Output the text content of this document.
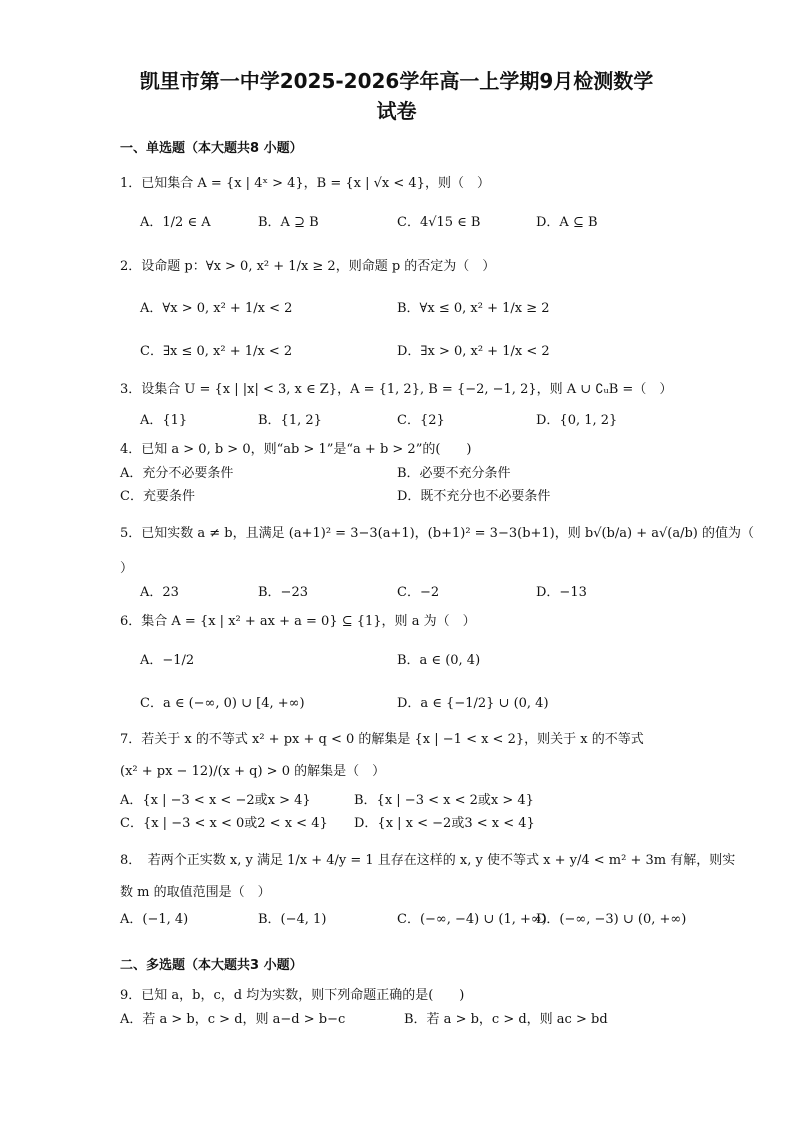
凯里市第一中学2025-2026学年高一上学期9月检测数学
试卷
一、单选题（本大题共8 小题）
1．已知集合 A = {x | 4ˣ > 4}，B = {x | √x < 4}，则（　）
A．1/2 ∈ A	B．A ⊇ B	C．4√15 ∈ B	D．A ⊆ B
2．设命题 p：∀x > 0, x² + 1/x ≥ 2，则命题 p 的否定为（　）
A．∀x > 0, x² + 1/x < 2	B．∀x ≤ 0, x² + 1/x ≥ 2
C．∃x ≤ 0, x² + 1/x < 2	D．∃x > 0, x² + 1/x < 2
3．设集合 U = {x | |x| < 3, x ∈ Z}，A = {1, 2}, B = {−2, −1, 2}，则 A ∪ ∁ᵤB =（　）
A．{1}	B．{1, 2}	C．{2}	D．{0, 1, 2}
4．已知 a > 0, b > 0，则“ab > 1”是“a + b > 2”的(　　)
A．充分不必要条件	B．必要不充分条件
C．充要条件	D．既不充分也不必要条件
5．已知实数 a ≠ b，且满足 (a+1)² = 3−3(a+1)，(b+1)² = 3−3(b+1)，则 b√(b/a) + a√(a/b) 的值为（
）
A．23	B．−23	C．−2	D．−13
6．集合 A = {x | x² + ax + a = 0} ⊆ {1}，则 a 为（　）
A．−1/2	B．a ∈ (0, 4)
C．a ∈ (−∞, 0) ∪ [4, +∞)	D．a ∈ {−1/2} ∪ (0, 4)
7．若关于 x 的不等式 x² + px + q < 0 的解集是 {x | −1 < x < 2}，则关于 x 的不等式
(x² + px − 12)/(x + q) > 0 的解集是（　）
A．{x | −3 < x < −2或x > 4}	B．{x | −3 < x < 2或x > 4}
C．{x | −3 < x < 0或2 < x < 4} D．{x | x < −2或3 < x < 4}
8．　若两个正实数 x, y 满足 1/x + 4/y = 1 且存在这样的 x, y 使不等式 x + y/4 < m² + 3m 有解，则实
数 m 的取值范围是（　）
A．(−1, 4)	B．(−4, 1)	C．(−∞, −4) ∪ (1, +∞)
D．(−∞, −3) ∪ (0, +∞)
二、多选题（本大题共3 小题）
9．已知 a，b，c，d 均为实数，则下列命题正确的是(　　)
A．若 a > b，c > d，则 a−d > b−c	B．若 a > b，c > d，则 ac > bd
